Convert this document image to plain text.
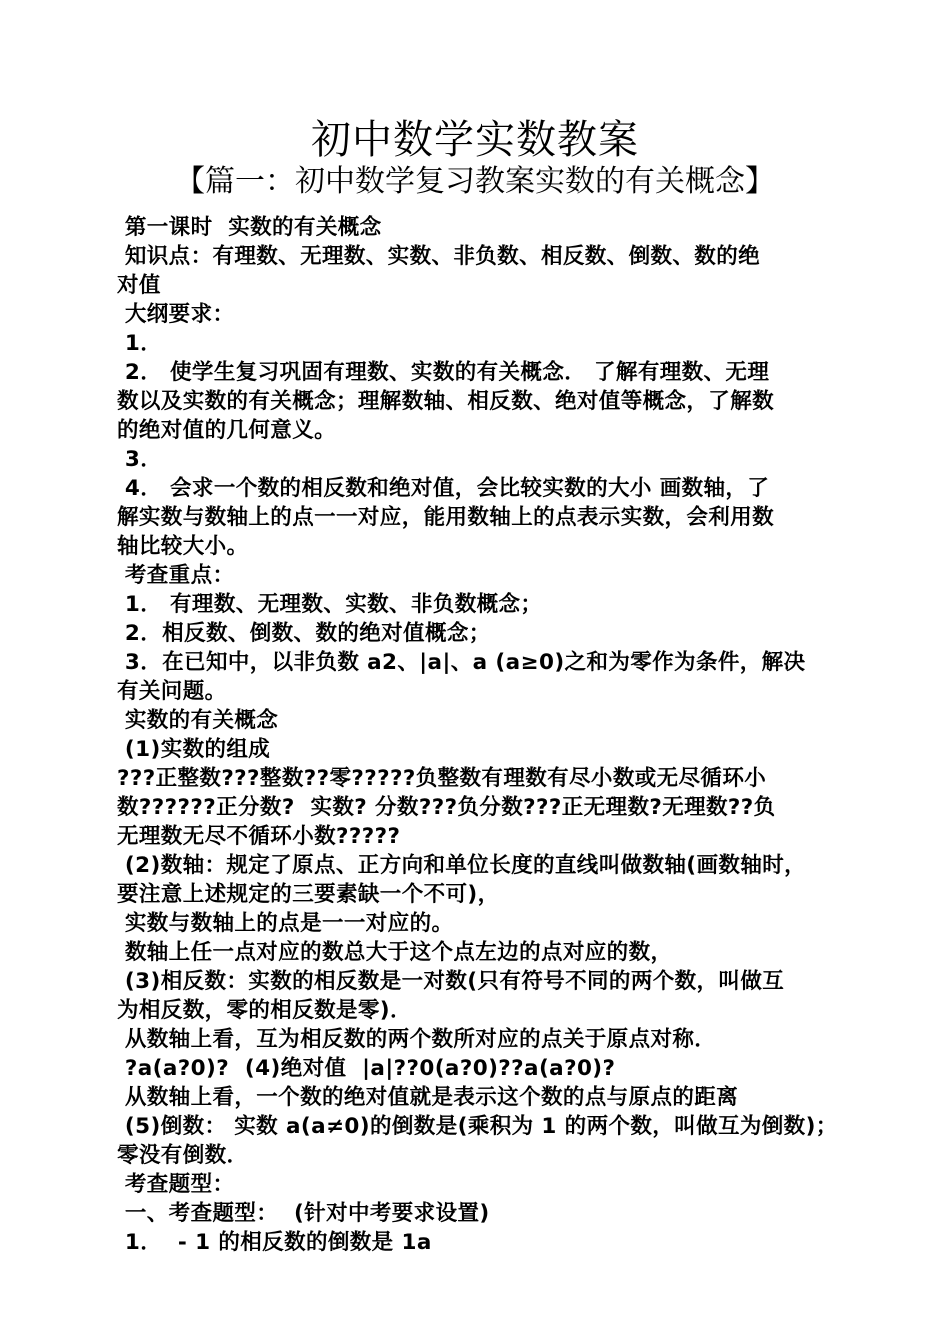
初中数学实数教案
【篇一：初中数学复习教案实数的有关概念】
第一课时  实数的有关概念
知识点：有理数、无理数、实数、非负数、相反数、倒数、数的绝
对值
大纲要求：
1．
2． 使学生复习巩固有理数、实数的有关概念． 了解有理数、无理
数以及实数的有关概念；理解数轴、相反数、绝对值等概念，了解数
的绝对值的几何意义。
3．
4． 会求一个数的相反数和绝对值，会比较实数的大小 画数轴，了
解实数与数轴上的点一一对应，能用数轴上的点表示实数，会利用数
轴比较大小。
考查重点：
1． 有理数、无理数、实数、非负数概念；
2．相反数、倒数、数的绝对值概念；
3．在已知中，以非负数 a2、|a|、a (a≥0)之和为零作为条件，解决
有关问题。
实数的有关概念
(1)实数的组成
???正整数???整数??零?????负整数有理数有尽小数或无尽循环小
数??????正分数?  实数? 分数???负分数???正无理数?无理数??负
无理数无尽不循环小数?????
(2)数轴：规定了原点、正方向和单位长度的直线叫做数轴(画数轴时，
要注意上述规定的三要素缺一个不可)，
实数与数轴上的点是一一对应的。
数轴上任一点对应的数总大于这个点左边的点对应的数，
(3)相反数：实数的相反数是一对数(只有符号不同的两个数，叫做互
为相反数，零的相反数是零)．
从数轴上看，互为相反数的两个数所对应的点关于原点对称．
?a(a?0)?  (4)绝对值  |a|??0(a?0)??a(a?0)?
从数轴上看，一个数的绝对值就是表示这个数的点与原点的距离
(5)倒数： 实数 a(a≠0)的倒数是(乘积为 1 的两个数，叫做互为倒数)；
零没有倒数．
考查题型：
一、考查题型：  (针对中考要求设置)
1．  - 1 的相反数的倒数是 1a
